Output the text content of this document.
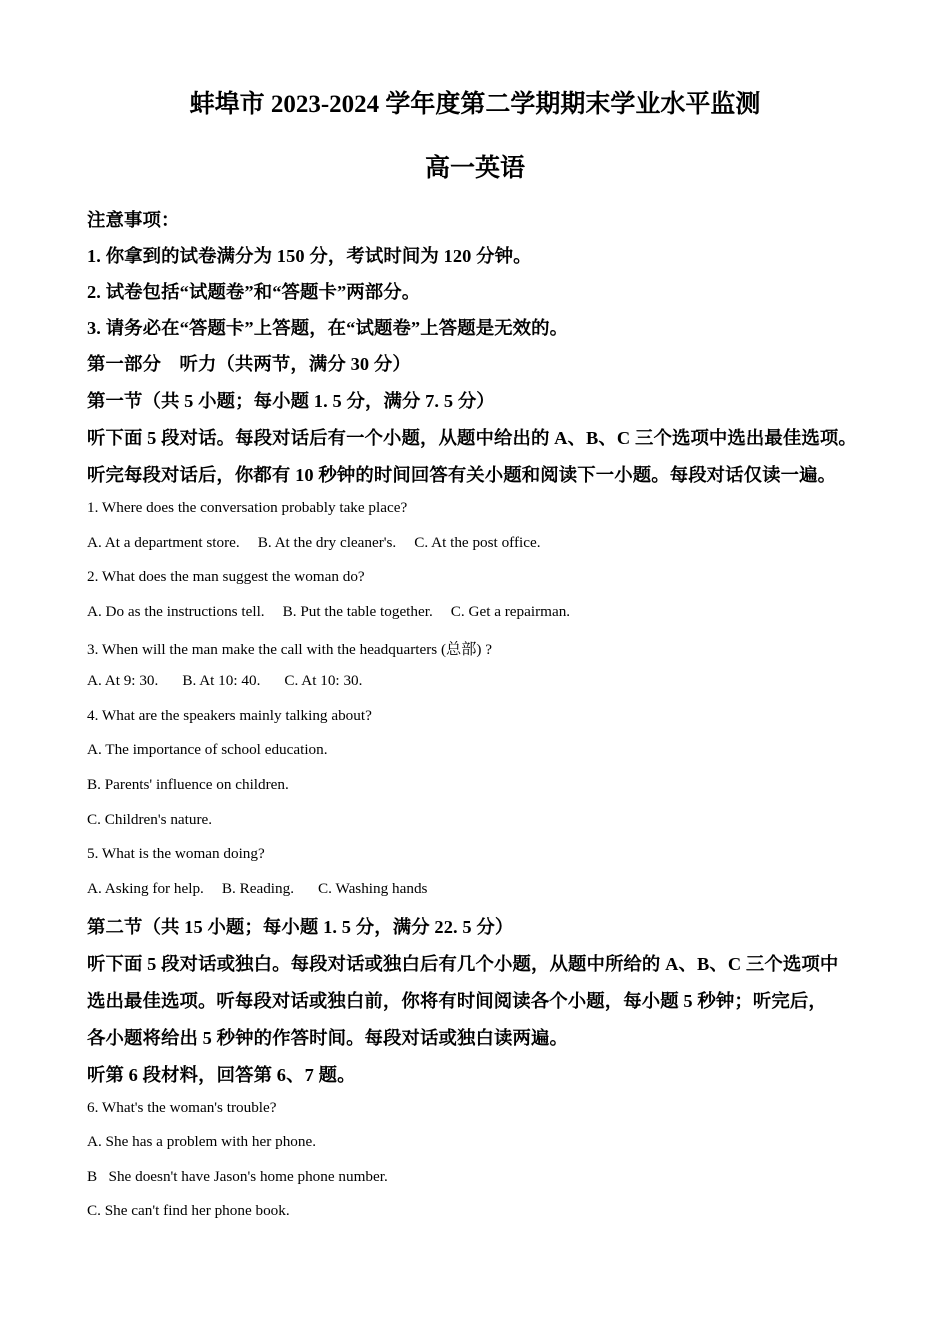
蚌埠市 2023-2024 学年度第二学期期末学业水平监测
高一英语
注意事项：
1. 你拿到的试卷满分为 150 分，考试时间为 120 分钟。
2. 试卷包括“试题卷”和“答题卡”两部分。
3. 请务必在“答题卡”上答题，在“试题卷”上答题是无效的。
第一部分　听力（共两节，满分 30 分）
第一节（共 5 小题；每小题 1. 5 分，满分 7. 5 分）
听下面 5 段对话。每段对话后有一个小题，从题中给出的 A、B、C 三个选项中选出最佳选项。
听完每段对话后，你都有 10 秒钟的时间回答有关小题和阅读下一小题。每段对话仅读一遍。
1. Where does the conversation probably take place?
A. At a department store. B. At the dry cleaner's. C. At the post office.
2. What does the man suggest the woman do?
A. Do as the instructions tell. B. Put the table together. C. Get a repairman.
3. When will the man make the call with the headquarters (总部) ?
A. At 9: 30. B. At 10: 40. C. At 10: 30.
4. What are the speakers mainly talking about?
A. The importance of school education.
B. Parents' influence on children.
C. Children's nature.
5. What is the woman doing?
A. Asking for help. B. Reading. C. Washing hands
第二节（共 15 小题；每小题 1. 5 分，满分 22. 5 分）
听下面 5 段对话或独白。每段对话或独白后有几个小题，从题中所给的 A、B、C 三个选项中
选出最佳选项。听每段对话或独白前，你将有时间阅读各个小题，每小题 5 秒钟；听完后，
各小题将给出 5 秒钟的作答时间。每段对话或独白读两遍。
听第 6 段材料，回答第 6、7 题。
6. What's the woman's trouble?
A. She has a problem with her phone.
B   She doesn't have Jason's home phone number.
C. She can't find her phone book.
